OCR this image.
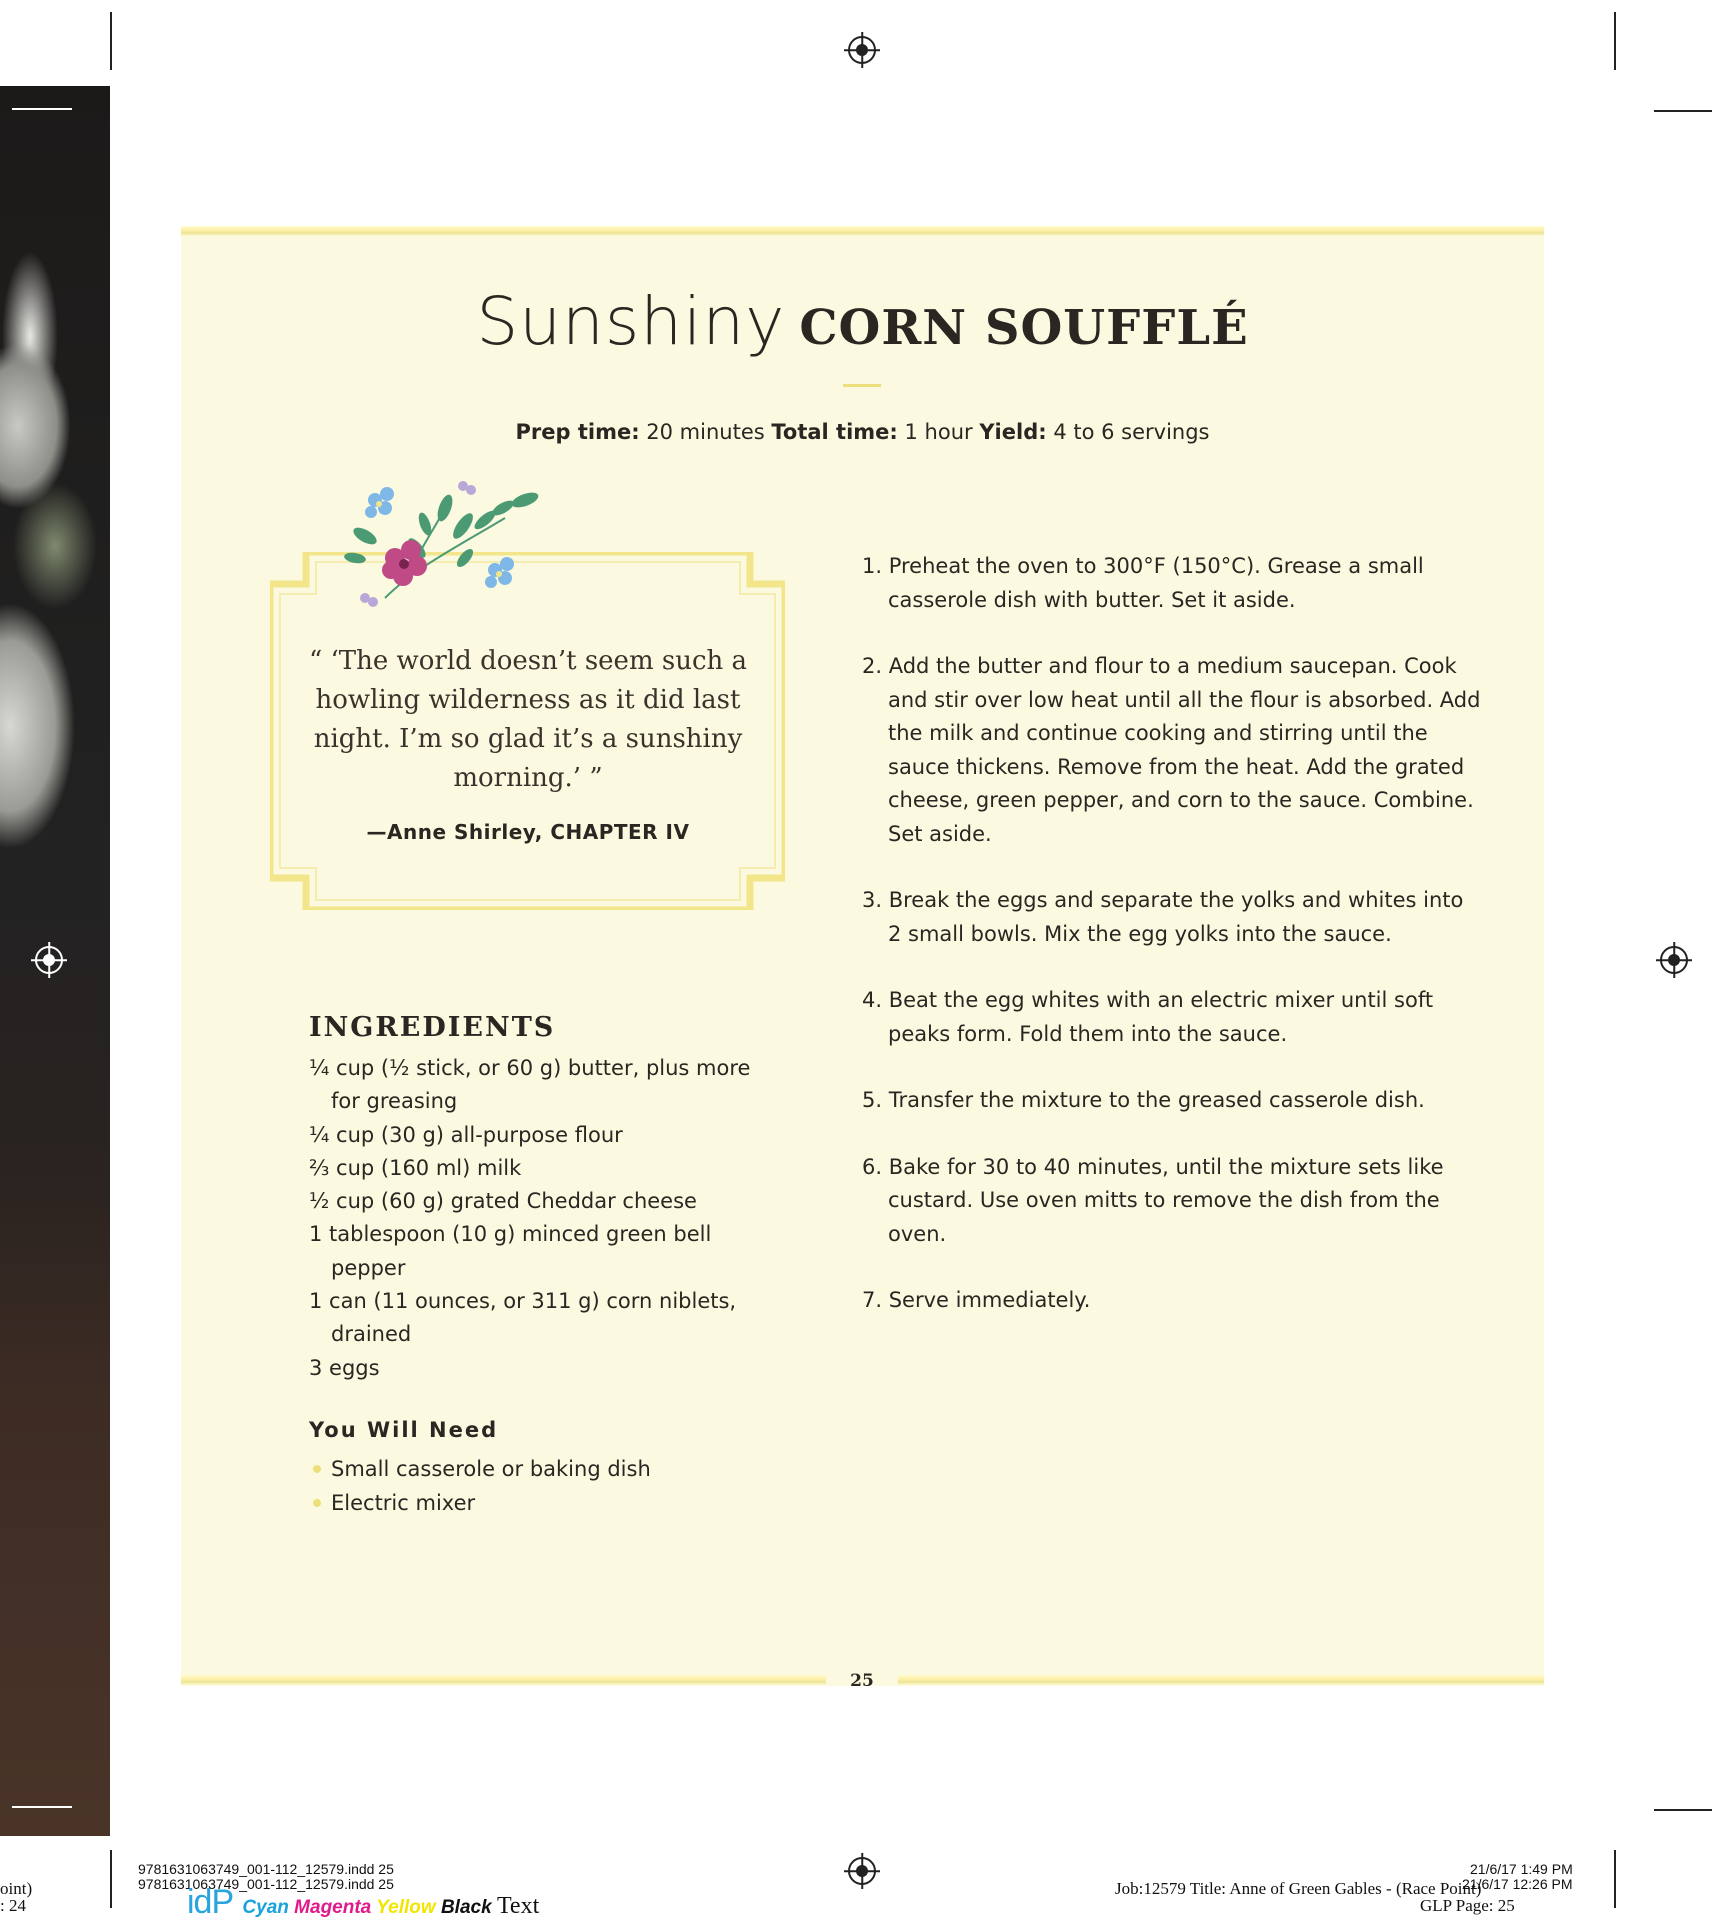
25
Sunshiny CORN SOUFFLÉ
Prep time: 20 minutes Total time: 1 hour Yield: 4 to 6 servings
“ ‘The world doesn’t seem such a howling wilderness as it did last night. I’m so glad it’s a sunshiny morning.’ ”
—Anne Shirley, CHAPTER IV
INGREDIENTS
¼ cup (½ stick, or 60 g) butter, plus more for greasing
¼ cup (30 g) all-purpose flour
⅔ cup (160 ml) milk
½ cup (60 g) grated Cheddar cheese
1 tablespoon (10 g) minced green bell pepper
1 can (11 ounces, or 311 g) corn niblets, drained
3 eggs
You Will Need
Small casserole or baking dish
Electric mixer
1. Preheat the oven to 300°F (150°C). Grease a small casserole dish with butter. Set it aside.
2. Add the butter and flour to a medium saucepan. Cook and stir over low heat until all the flour is absorbed. Add the milk and continue cooking and stirring until the sauce thickens. Remove from the heat. Add the grated cheese, green pepper, and corn to the sauce. Combine. Set aside.
3. Break the eggs and separate the yolks and whites into 2 small bowls. Mix the egg yolks into the sauce.
4. Beat the egg whites with an electric mixer until soft peaks form. Fold them into the sauce.
5. Transfer the mixture to the greased casserole dish.
6. Bake for 30 to 40 minutes, until the mixture sets like custard. Use oven mitts to remove the dish from the oven.
7. Serve immediately.
9781631063749_001-112_12579.indd 25
9781631063749_001-112_12579.indd 25
21/6/17 1:49 PM
21/6/17 12:26 PM
Job:12579 Title: Anne of Green Gables - (Race Point)
GLP Page: 25
oint)
: 24	idP Cyan Magenta Yellow Black Text
